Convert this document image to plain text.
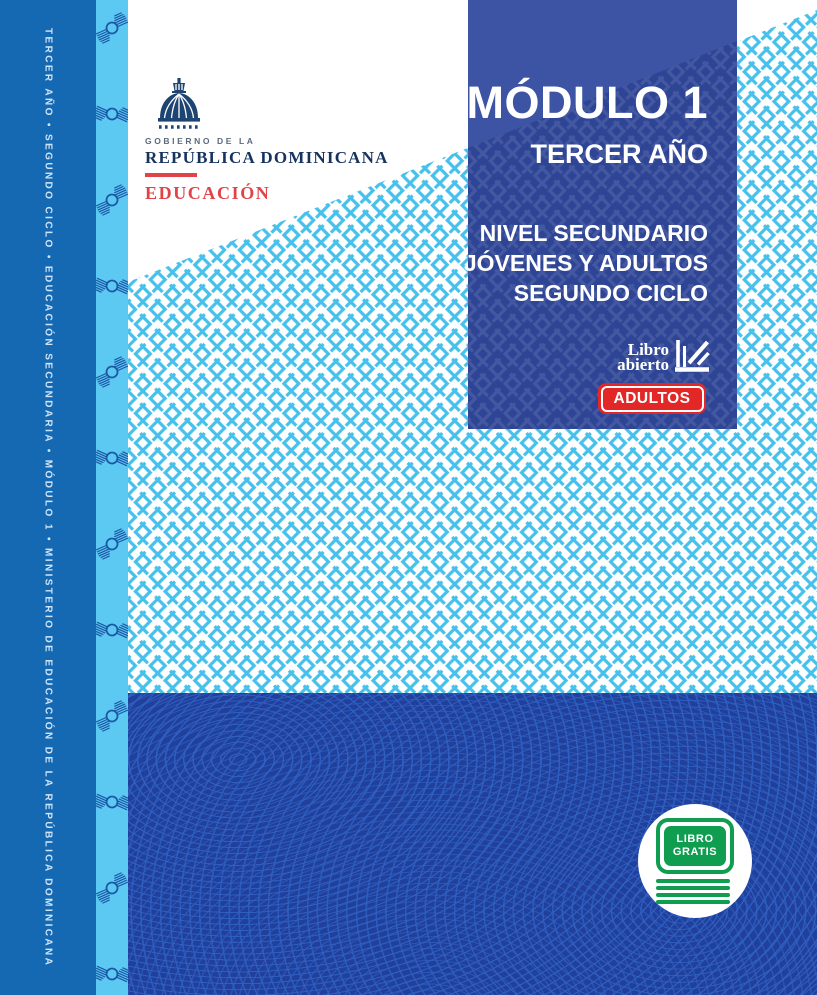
TERCER AÑO • SEGUNDO CICLO • EDUCACIÓN SECUNDARIA • MÓDULO 1 • MINISTERIO DE EDUCACIÓN DE LA REPÚBLICA DOMINICANA	LIBRO
GRATIS
GOBIERNO DE LA
REPÚBLICA DOMINICANA
EDUCACIÓN
MÓDULO 1
TERCER AÑO
NIVEL SECUNDARIO
JÓVENES Y ADULTOS
SEGUNDO CICLO
Libro
abierto
ADULTOS
